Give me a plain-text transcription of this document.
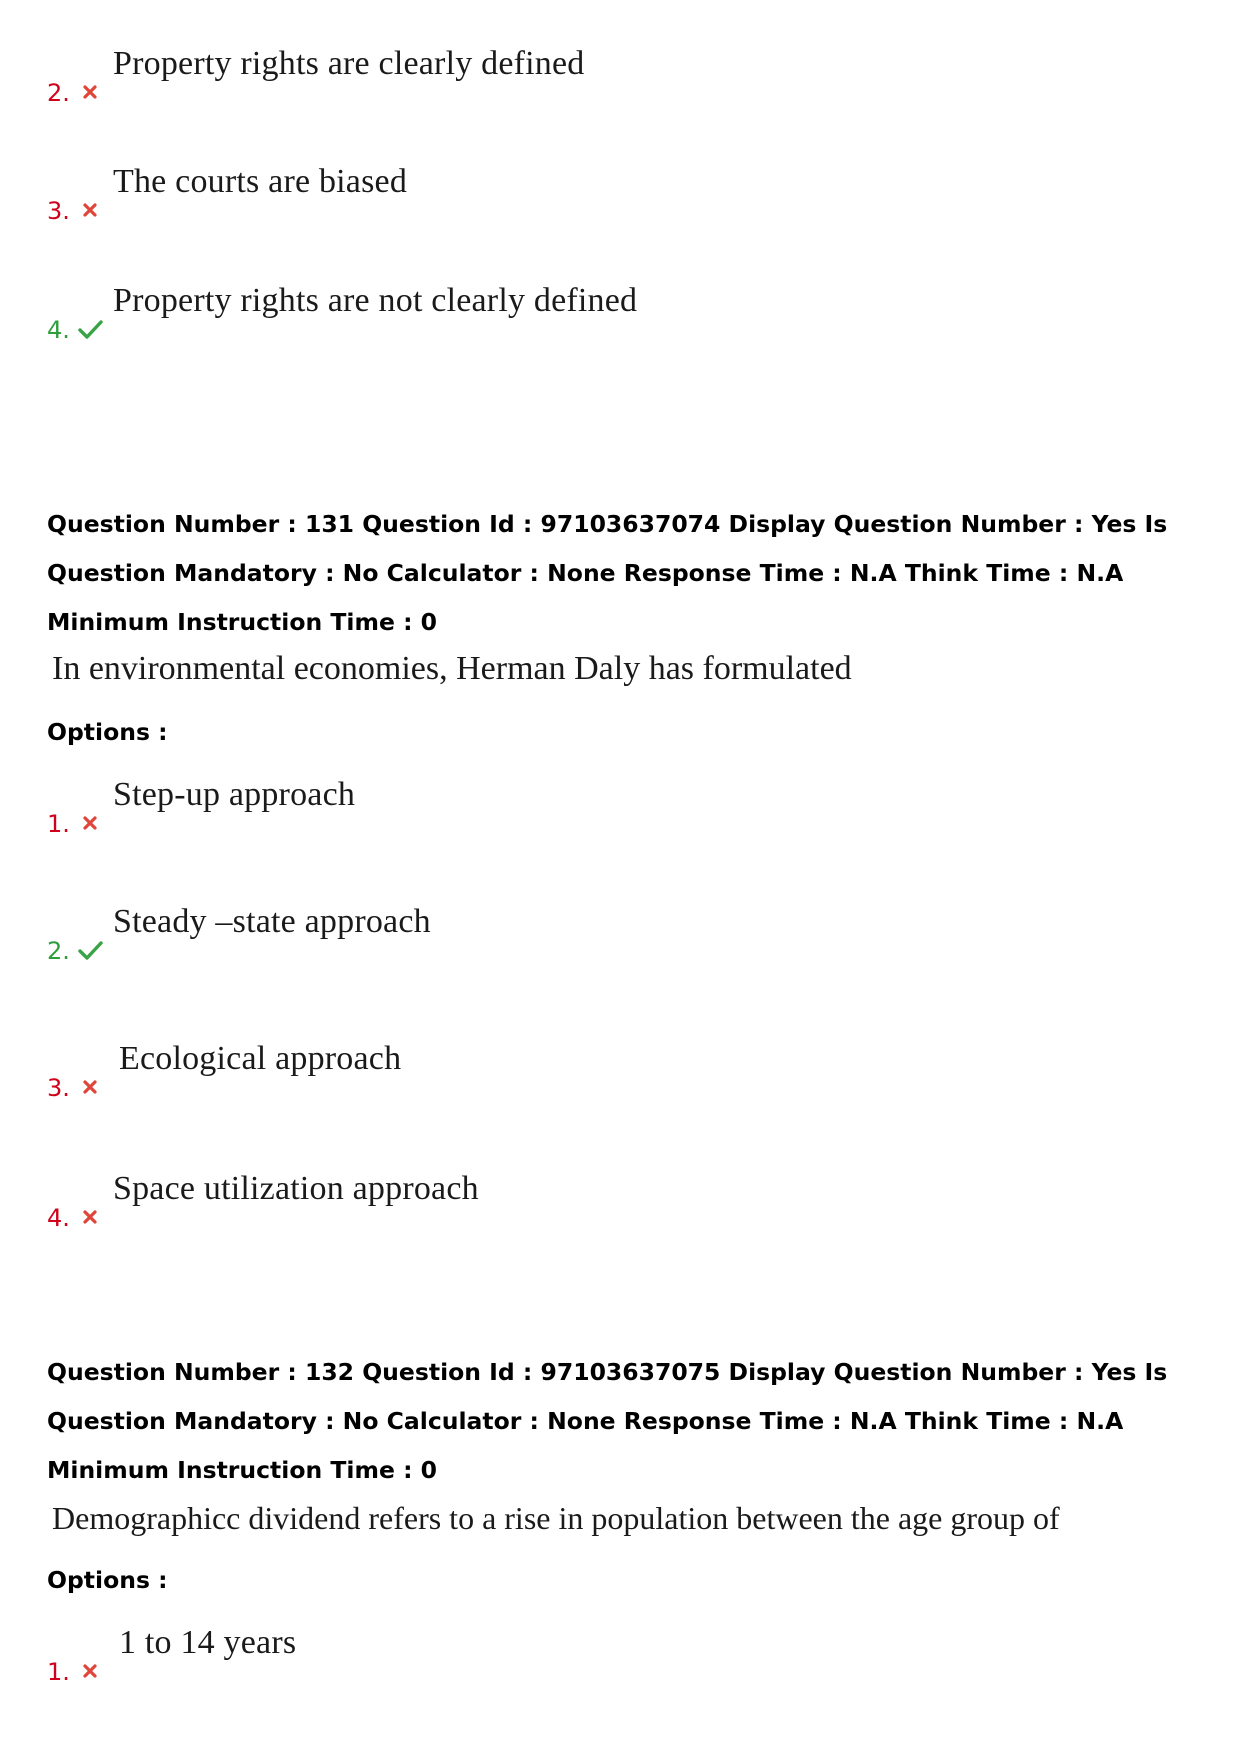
2.
Property rights are clearly defined
3.
The courts are biased
4.
Property rights are not clearly defined

Question Number : 131 Question Id : 97103637074 Display Question Number : Yes Is Question Mandatory : No Calculator : None Response Time : N.A Think Time : N.A Minimum Instruction Time : 0

In environmental economies, Herman Daly has formulated

Options :

1.
Step-up approach
2.
Steady –state approach
3.
Ecological approach
4.
Space utilization approach

Question Number : 132 Question Id : 97103637075 Display Question Number : Yes Is Question Mandatory : No Calculator : None Response Time : N.A Think Time : N.A Minimum Instruction Time : 0

Demographicc dividend refers to a rise in population between the age group of

Options :

1.
1 to 14 years
